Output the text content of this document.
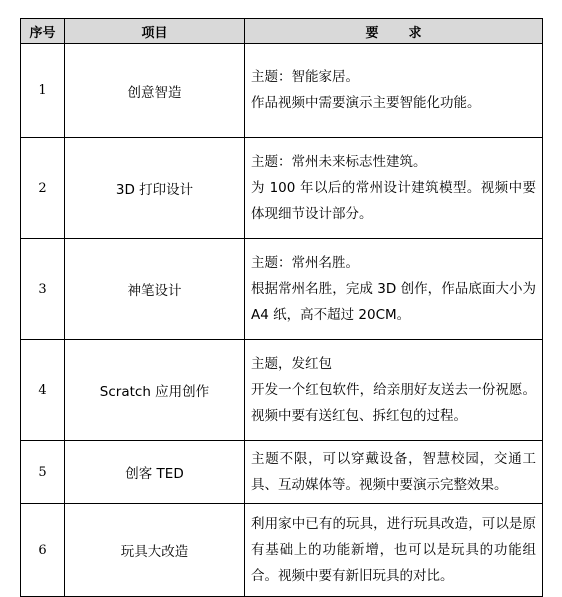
序号	项目	要求
1	创意智造	主题：智能家居。
作品视频中需要演示主要智能化功能。

2	3D 打印设计	主题：常州未来标志性建筑。
为 100 年以后的常州设计建筑模型。视频中要体现细节设计部分。

3	神笔设计	主题：常州名胜。
根据常州名胜，完成 3D 创作，作品底面大小为 A4 纸，高不超过 20CM。

4	Scratch 应用创作	主题，发红包
开发一个红包软件，给亲朋好友送去一份祝愿。视频中要有送红包、拆红包的过程。

5	创客 TED	主题不限，可以穿戴设备，智慧校园，交通工具、互动媒体等。视频中要演示完整效果。

6	玩具大改造	利用家中已有的玩具，进行玩具改造，可以是原有基础上的功能新增，也可以是玩具的功能组合。视频中要有新旧玩具的对比。
